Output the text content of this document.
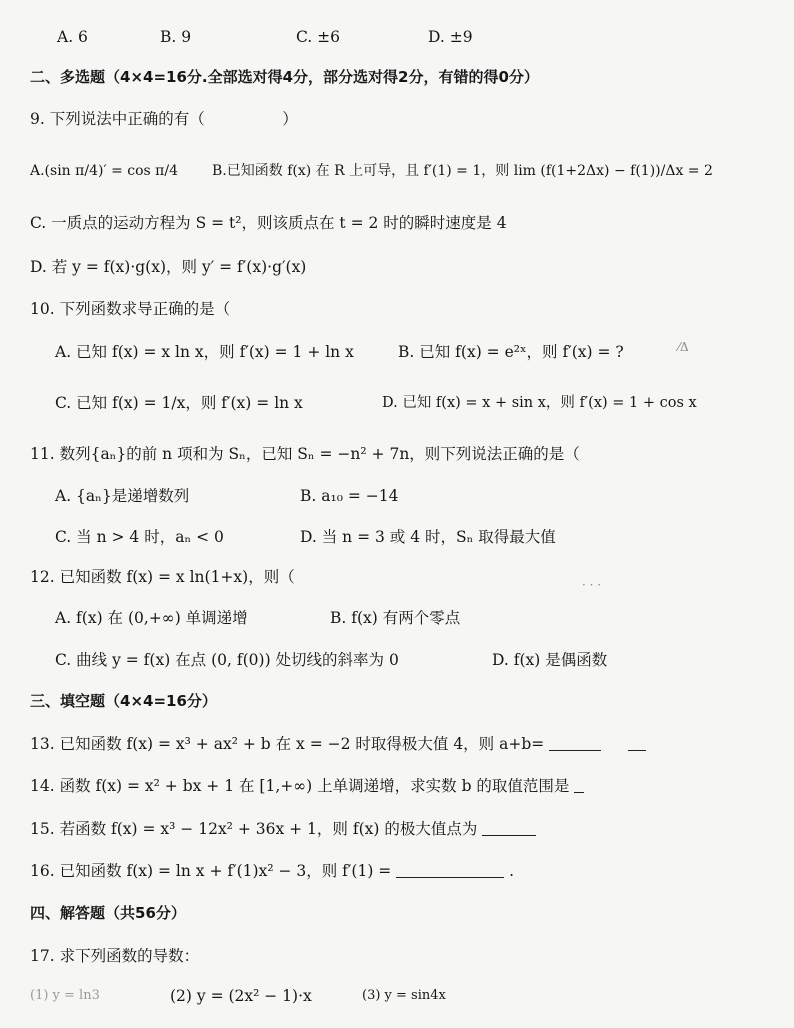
A. 6	B. 9	C. ±6	D. ±9
二、多选题（4×4=16分.全部选对得4分，部分选对得2分，有错的得0分）
9. 下列说法中正确的有（　　　　　）
A.(sin π/4)′ = cos π/4 B.已知函数 f(x) 在 R 上可导，且 f′(1) = 1，则 lim (f(1+2Δx) − f(1))/Δx = 2
C. 一质点的运动方程为 S = t²，则该质点在 t = 2 时的瞬时速度是 4
D. 若 y = f(x)·g(x)，则 y′ = f′(x)·g′(x)
10. 下列函数求导正确的是（
A. 已知 f(x) = x ln x，则 f′(x) = 1 + ln x	B. 已知 f(x) = e²ˣ，则 f′(x) = ?
C. 已知 f(x) = 1/x，则 f′(x) = ln x	D. 已知 f(x) = x + sin x，则 f′(x) = 1 + cos x
11. 数列{aₙ}的前 n 项和为 Sₙ，已知 Sₙ = −n² + 7n，则下列说法正确的是（
A. {aₙ}是递增数列	B. a₁₀ = −14
C. 当 n > 4 时，aₙ < 0	D. 当 n = 3 或 4 时，Sₙ 取得最大值
12. 已知函数 f(x) = x ln(1+x)，则（
A. f(x) 在 (0,+∞) 单调递增	B. f(x) 有两个零点
C. 曲线 y = f(x) 在点 (0, f(0)) 处切线的斜率为 0	D. f(x) 是偶函数
三、填空题（4×4=16分）
13. 已知函数 f(x) = x³ + ax² + b 在 x = −2 时取得极大值 4，则 a+b=
14. 函数 f(x) = x² + bx + 1 在 [1,+∞) 上单调递增，求实数 b 的取值范围是
15. 若函数 f(x) = x³ − 12x² + 36x + 1，则 f(x) 的极大值点为
16. 已知函数 f(x) = ln x + f′(1)x² − 3，则 f′(1) =	.
四、解答题（共56分）
17. 求下列函数的导数：
(1) y = ln3	(2) y = (2x² − 1)·x	(3) y = sin4x
⁄Δ
· · ·
